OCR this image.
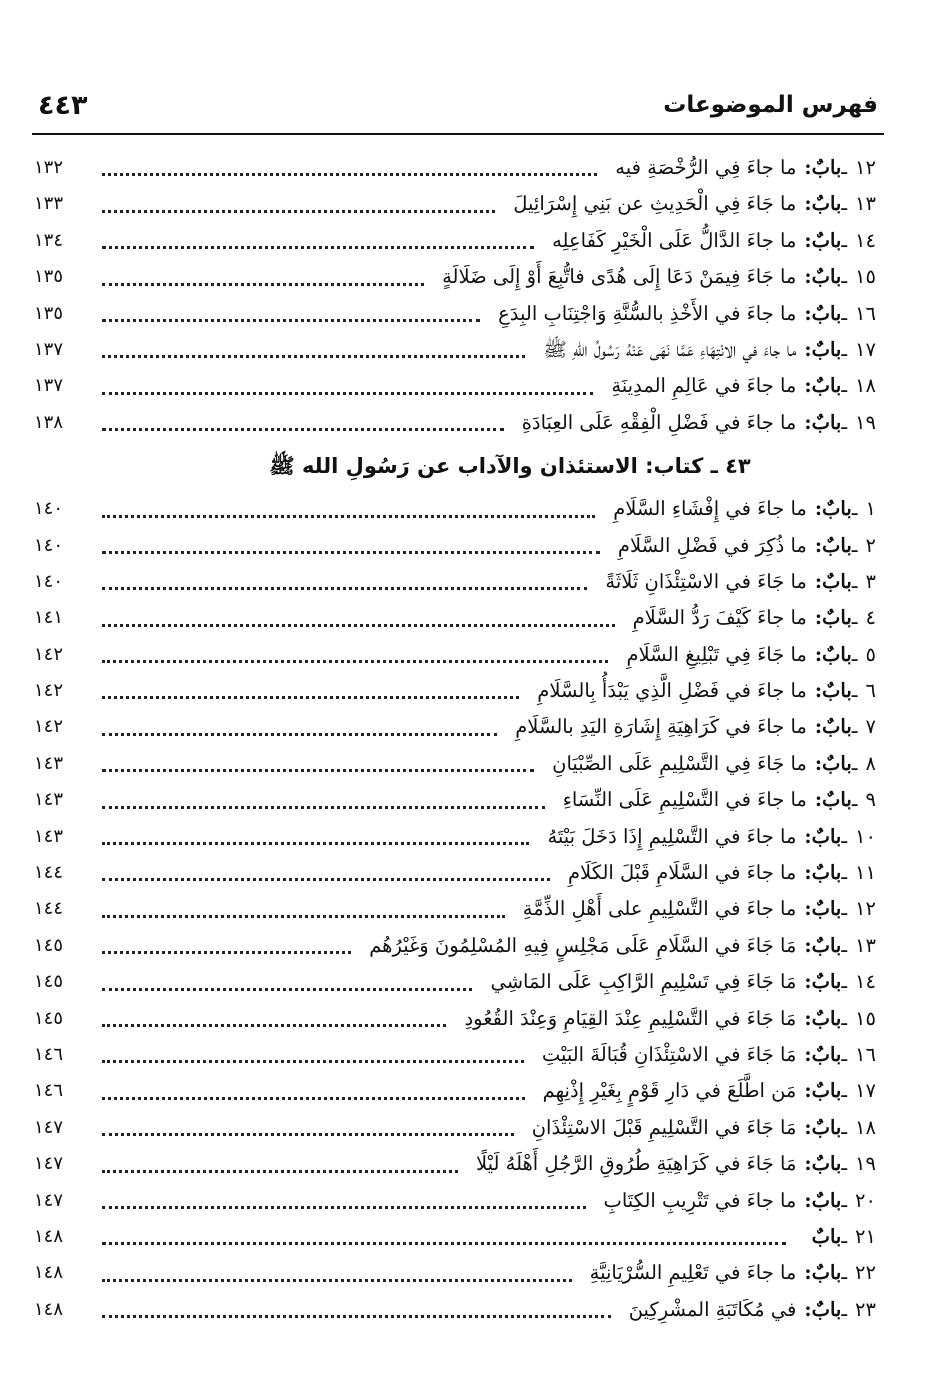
فهرس الموضوعات
٤٤٣
١٢
ـ
بابٌ:
ما جاءَ فِي الرُّخْصَةِ فيه
١٣٢
١٣
ـ
بابٌ:
ما جَاءَ فِي الْحَدِيثِ عن بَنِي إِسْرَائِيلَ
١٣٣
١٤
ـ
بابٌ:
ما جاءَ الدَّالُّ عَلَى الْخَيْرِ كَفَاعِلِه
١٣٤
١٥
ـ
بابٌ:
ما جَاءَ فِيمَنْ دَعَا إِلَى هُدًى فاتُّبِعَ أَوْ إِلَى ضَلَالَةٍ
١٣٥
١٦
ـ
بابٌ:
ما جاءَ في الأَخْذِ بالسُّنَّةِ وَاجْتِنَابِ البِدَعِ
١٣٥
١٧
ـ
بابٌ:
ما جاءَ في الانْتِهَاءِ عَمَّا نَهَى عَنْهُ رَسُولُ اللهِ ﷺ
١٣٧
١٨
ـ
بابٌ:
ما جاءَ في عَالِمِ المدِينَةِ
١٣٧
١٩
ـ
بابٌ:
ما جاءَ في فَضْلِ الْفِقْهِ عَلَى العِبَادَةِ
١٣٨
٤٣ ـ كتاب: الاستئذان والآداب عن رَسُولِ الله ﷺ
١
ـ
بابٌ:
ما جاءَ في إِفْشَاءِ السَّلَامِ
١٤٠
٢
ـ
بابٌ:
ما ذُكِرَ في فَضْلِ السَّلَامِ
١٤٠
٣
ـ
بابٌ:
ما جَاءَ في الاسْتِئْذَانِ ثَلَاثَةً
١٤٠
٤
ـ
بابٌ:
ما جاءَ كَيْفَ رَدُّ السَّلَامِ
١٤١
٥
ـ
بابٌ:
ما جَاءَ فِي تَبْلِيغِ السَّلَامِ
١٤٢
٦
ـ
بابٌ:
ما جاءَ في فَضْلِ الَّذِي يَبْدَأُ بِالسَّلَامِ
١٤٢
٧
ـ
بابٌ:
ما جاءَ في كَرَاهِيَةِ إِشَارَةِ اليَدِ بالسَّلَامِ
١٤٢
٨
ـ
بابٌ:
ما جَاءَ فِي التَّسْلِيمِ عَلَى الصِّبْيَانِ
١٤٣
٩
ـ
بابٌ:
ما جاءَ في التَّسْلِيمِ عَلَى النِّسَاءِ
١٤٣
١٠
ـ
بابٌ:
ما جاءَ في التَّسْلِيمِ إِذَا دَخَلَ بَيْتَهُ
١٤٣
١١
ـ
بابٌ:
ما جاءَ في السَّلَامِ قَبْلَ الكَلَامِ
١٤٤
١٢
ـ
بابٌ:
ما جاءَ في التَّسْلِيمِ على أَهْلِ الذِّمَّةِ
١٤٤
١٣
ـ
بابٌ:
مَا جَاءَ في السَّلَامِ عَلَى مَجْلِسٍ فِيهِ المُسْلِمُونَ وَغَيْرُهُم
١٤٥
١٤
ـ
بابٌ:
مَا جَاءَ فِي تَسْلِيمِ الرَّاكِبِ عَلَى المَاشِي
١٤٥
١٥
ـ
بابٌ:
مَا جَاءَ في التَّسْلِيمِ عِنْدَ القِيَامِ وَعِنْدَ القُعُودِ
١٤٥
١٦
ـ
بابٌ:
مَا جَاءَ في الاسْتِئْذَانِ قُبَالَةَ البَيْتِ
١٤٦
١٧
ـ
بابٌ:
مَن اطَّلَعَ في دَارِ قَوْمٍ بِغَيْرِ إِذْنِهِم
١٤٦
١٨
ـ
بابٌ:
مَا جَاءَ في التَّسْلِيمِ قَبْلَ الاسْتِئْذَانِ
١٤٧
١٩
ـ
بابٌ:
مَا جَاءَ في كَرَاهِيَةِ طُرُوقِ الرَّجُلِ أَهْلَهُ لَيْلًا
١٤٧
٢٠
ـ
بابٌ:
ما جاءَ في تَتْرِيبِ الكِتَابِ
١٤٧
٢١
ـ
بابٌ
١٤٨
٢٢
ـ
بابٌ:
ما جاءَ في تَعْلِيمِ السُّرْيَانِيَّةِ
١٤٨
٢٣
ـ
بابٌ:
في مُكَاتَبَةِ المشْرِكِينَ
١٤٨
